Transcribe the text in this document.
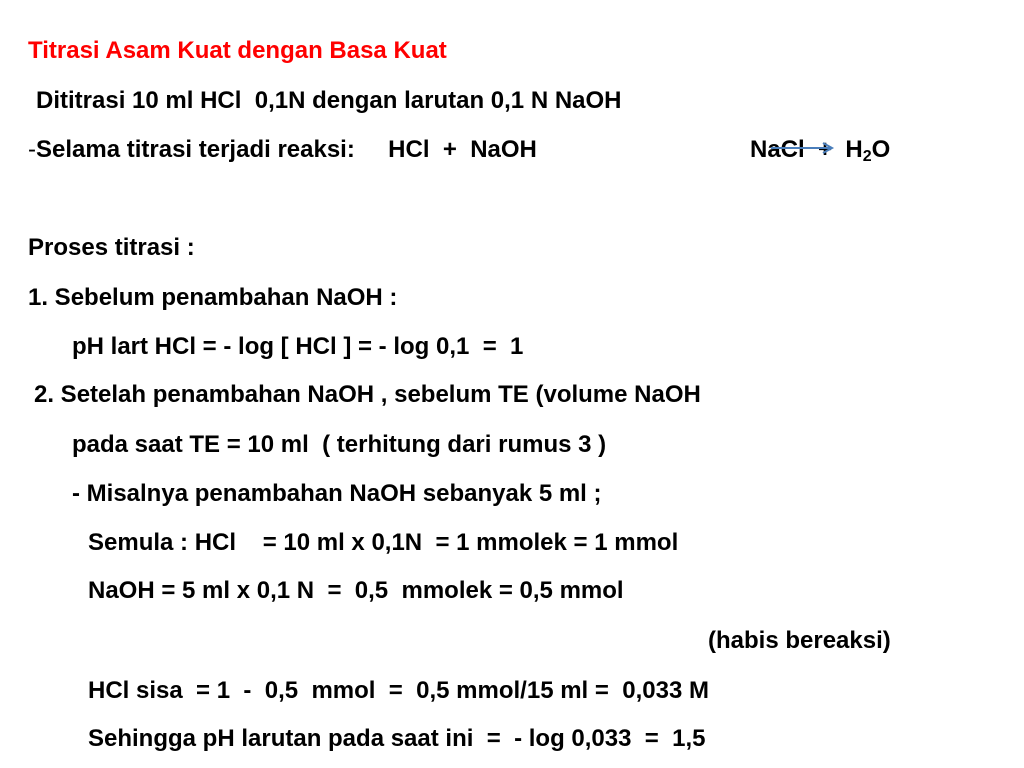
Titrasi Asam Kuat dengan Basa Kuat
Dititrasi 10 ml HCl  0,1N dengan larutan 0,1 N NaOH
-Selama titrasi terjadi reaksi:     HCl  +  NaOH	NaCl  +  $H_2O$
Proses titrasi :
1. Sebelum penambahan NaOH :
pH lart HCl = - log [ HCl ] = - log 0,1  =  1
2. Setelah penambahan NaOH , sebelum TE (volume NaOH
pada saat TE = 10 ml  ( terhitung dari rumus 3 )
- Misalnya penambahan NaOH sebanyak 5 ml ;
Semula : HCl    = 10 ml x 0,1N  = 1 mmolek = 1 mmol
NaOH = 5 ml x 0,1 N  =  0,5  mmolek = 0,5 mmol
(habis bereaksi)
HCl sisa  = 1  -  0,5  mmol  =  0,5 mmol/15 ml =  0,033 M
Sehingga pH larutan pada saat ini  =  - log 0,033  =  1,5
